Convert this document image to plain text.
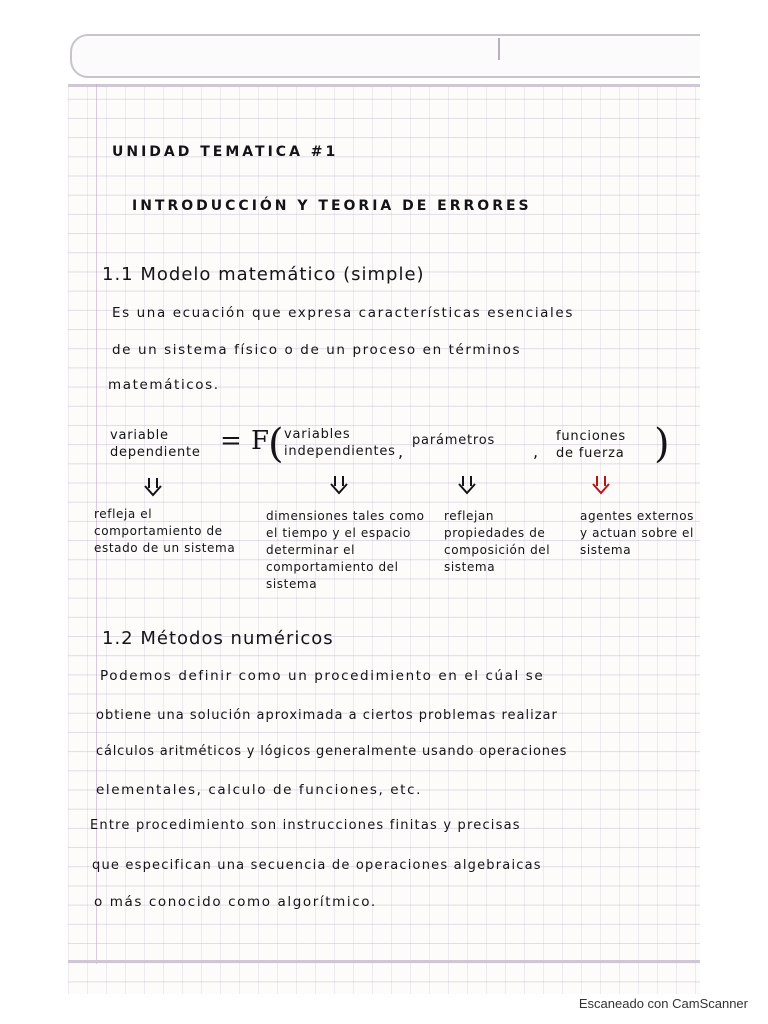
UNIDAD TEMATICA #1
INTRODUCCIÓN Y TEORIA DE ERRORES
1.1 Modelo matemático (simple)
Es una ecuación que expresa características esenciales
de un sistema físico o de un proceso en términos
matemáticos.
variable
dependiente = F
( variables
independientes ,
parámetros
,
funciones
de fuerza )
refleja el comportamiento de estado de un sistema
dimensiones tales como el tiempo y el espacio determinar el comportamiento del sistema
reflejan propiedades de composición del sistema
agentes externos y actuan sobre el sistema
1.2 Métodos numéricos
Podemos definir como un procedimiento en el cúal se
obtiene una solución aproximada a ciertos problemas realizar
cálculos aritméticos y lógicos generalmente usando operaciones
elementales, calculo de funciones, etc.
Entre procedimiento son instrucciones finitas y precisas
que especifican una secuencia de operaciones algebraicas
o más conocido como algorítmico.
Escaneado con CamScanner
